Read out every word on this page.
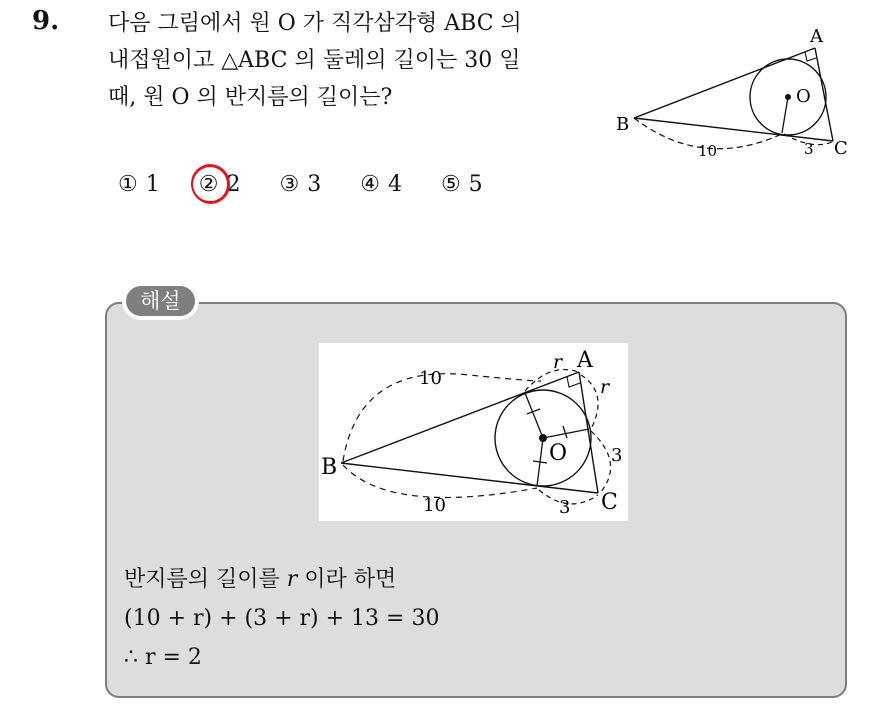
9. 다음 그림에서 원 O 가 직각삼각형 ABC 의
내접원이고 △ABC 의 둘레의 길이는 30 일
때, 원 O 의 반지름의 길이는?
A
B
C
O
10	3
① 1 ② 2 ③ 3 ④ 4 ⑤ 5
해설
A
B
C
O
10
10
3
3
r
r
반지름의 길이를 r 이라 하면
(10 + r) + (3 + r) + 13 = 30
∴ r = 2
